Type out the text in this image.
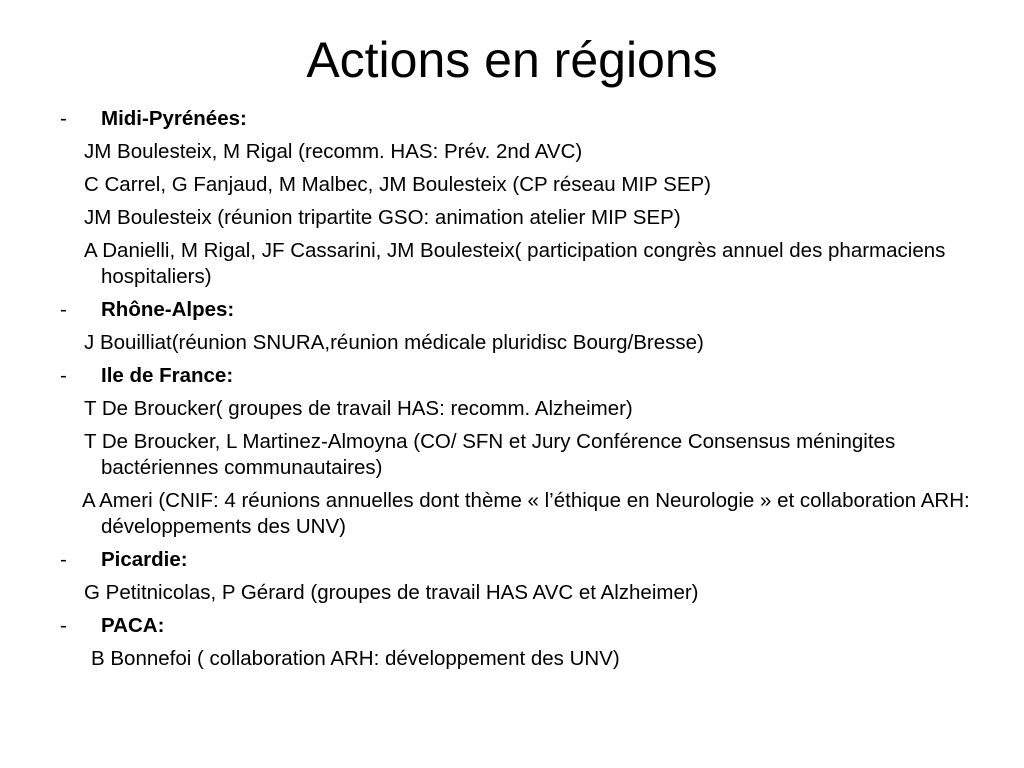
Actions en régions
- Midi-Pyrénées:
JM Boulesteix, M Rigal (recomm. HAS: Prév. 2nd AVC)
C Carrel, G Fanjaud, M Malbec, JM Boulesteix (CP réseau MIP SEP)
JM Boulesteix (réunion tripartite GSO: animation atelier MIP SEP)
A Danielli, M Rigal, JF Cassarini, JM Boulesteix( participation congrès annuel des pharmaciens hospitaliers)
- Rhône-Alpes:
J Bouilliat(réunion SNURA,réunion médicale pluridisc Bourg/Bresse)
- Ile de France:
T De Broucker( groupes de travail HAS: recomm. Alzheimer)
T De Broucker, L Martinez-Almoyna (CO/ SFN et Jury Conférence Consensus méningites bactériennes communautaires)
A Ameri (CNIF: 4 réunions annuelles dont thème « l’éthique en Neurologie » et collaboration ARH: développements des UNV)
- Picardie:
G Petitnicolas, P Gérard (groupes de travail HAS AVC et Alzheimer)
- PACA:
B Bonnefoi ( collaboration ARH: développement des UNV)
